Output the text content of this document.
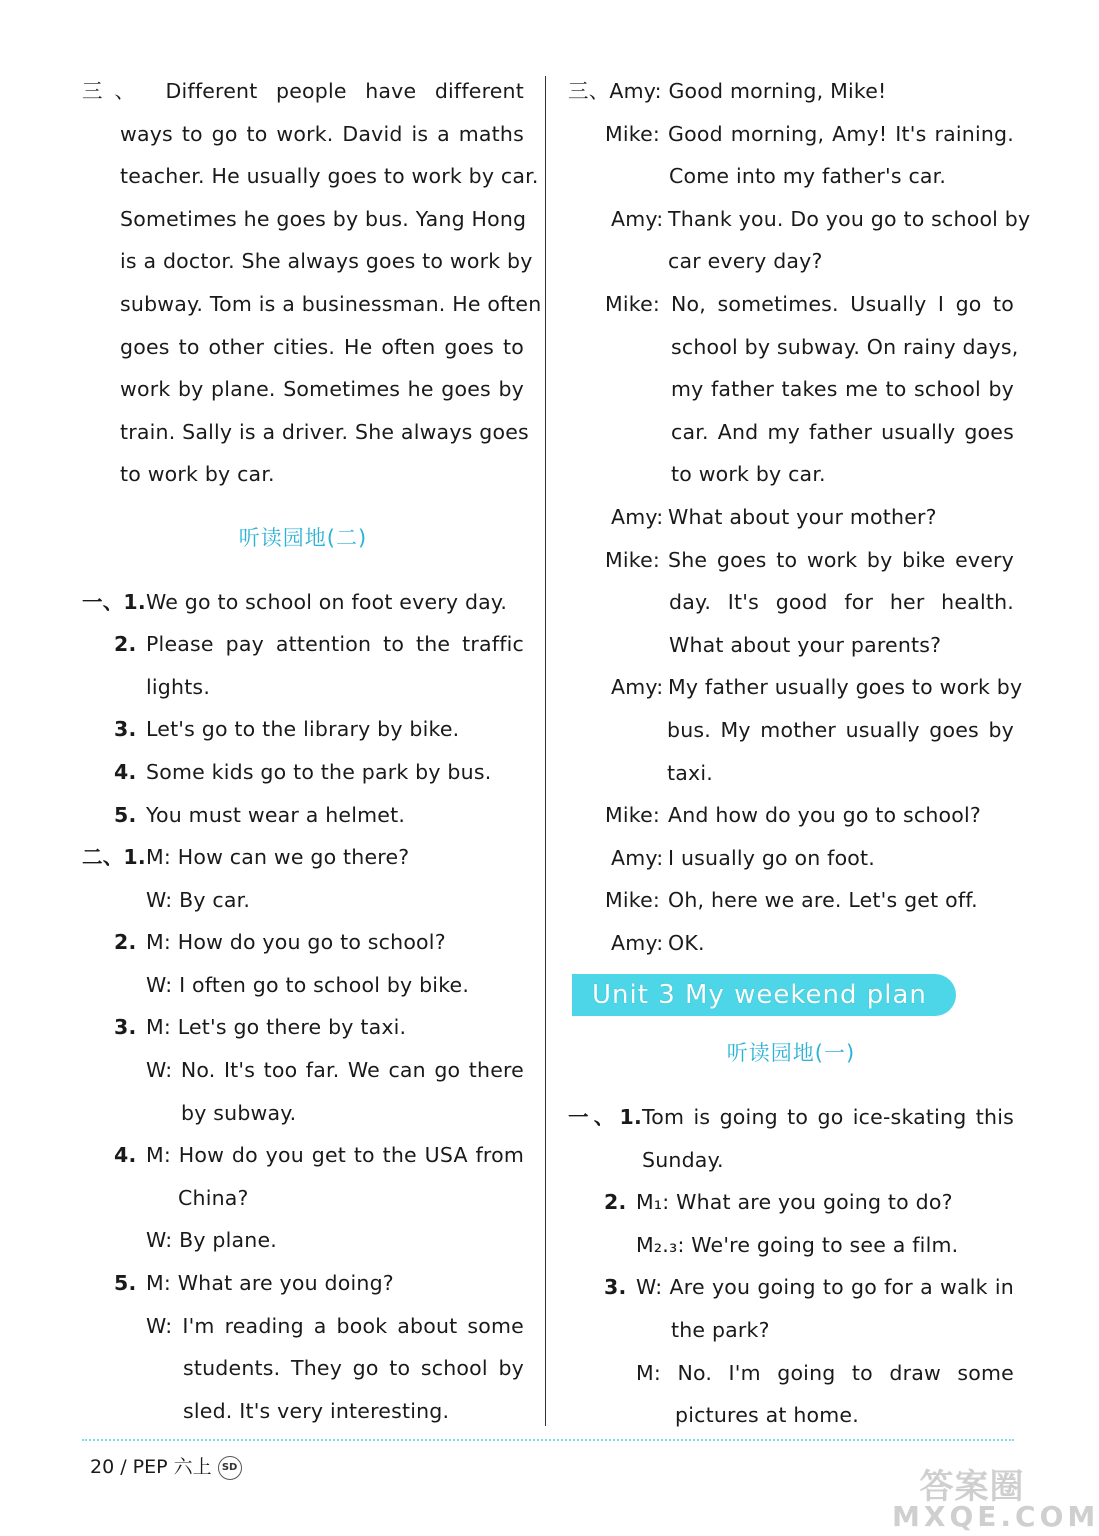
三、 Different people have different
ways to go to work. David is a maths
teacher. He usually goes to work by car.
Sometimes he goes by bus. Yang Hong
is a doctor. She always goes to work by
subway. Tom is a businessman. He often
goes to other cities. He often goes to
work by plane. Sometimes he goes by
train. Sally is a driver. She always goes
to work by car.
听读园地(二)
一、1.We go to school on foot every day.
2. Please pay attention to the traffic
lights.
3. Let's go to the library by bike.
4. Some kids go to the park by bus.
5. You must wear a helmet.
二、1.M: How can we go there?
W: By car.
2. M: How do you go to school?
W: I often go to school by bike.
3. M: Let's go there by taxi.
W: No. It's too far. We can go there
by subway.
4. M: How do you get to the USA from
China?
W: By plane.
5. M: What are you doing?
W: I'm reading a book about some
students. They go to school by
sled. It's very interesting.
三、Amy: Good morning, Mike!
Mike: Good morning, Amy! It's raining.
Come into my father's car.
Amy: Thank you. Do you go to school by
car every day?
Mike: No, sometimes. Usually I go to
school by subway. On rainy days,
my father takes me to school by
car. And my father usually goes
to work by car.
Amy: What about your mother?
Mike: She goes to work by bike every
day. It's good for her health.
What about your parents?
Amy: My father usually goes to work by
bus. My mother usually goes by
taxi.
Mike: And how do you go to school?
Amy: I usually go on foot.
Mike: Oh, here we are. Let's get off.
Amy: OK.
Unit 3 My weekend plan
听读园地(一)
一、1.Tom is going to go ice-skating this
Sunday.
2. M₁: What are you going to do?
M₂.₃: We're going to see a film.
3. W: Are you going to go for a walk in
the park?
M: No. I'm going to draw some
pictures at home.
20 / PEP 六上 SD	答案圈
MXQE.COM
